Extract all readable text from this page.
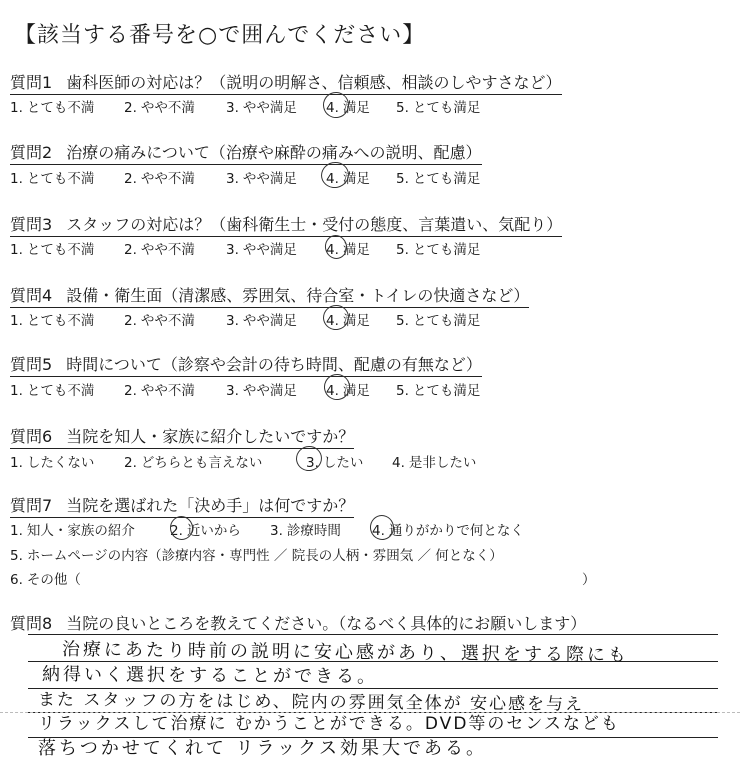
【該当する番号を○で囲んでください】
質問1 歯科医師の対応は？（説明の明解さ、信頼感、相談のしやすさなど）
1. とても不満 2. やや不満 3. やや満足 4. 満足 5. とても満足
質問2 治療の痛みについて（治療や麻酔の痛みへの説明、配慮）
1. とても不満 2. やや不満 3. やや満足 4. 満足 5. とても満足
質問3 スタッフの対応は？（歯科衛生士・受付の態度、言葉遣い、気配り）
1. とても不満 2. やや不満 3. やや満足 4. 満足 5. とても満足
質問4 設備・衛生面（清潔感、雰囲気、待合室・トイレの快適さなど）
1. とても不満 2. やや不満 3. やや満足 4. 満足 5. とても満足
質問5 時間について（診察や会計の待ち時間、配慮の有無など）
1. とても不満 2. やや不満 3. やや満足 4. 満足 5. とても満足
質問6 当院を知人・家族に紹介したいですか？
1. したくない 2. どちらとも言えない	3. したい 4. 是非したい
質問7 当院を選ばれた「決め手」は何ですか？
1. 知人・家族の紹介	2. 近いから 3. 診療時間 4. 通りがかりで何となく
5. ホームページの内容（診療内容・専門性 ／ 院長の人柄・雰囲気 ／ 何となく）
6. その他（	）
質問8 当院の良いところを教えてください。（なるべく具体的にお願いします）
治療にあたり時前の説明に安心感があり、選択をする際にも
納得いく選択をすることができる。
また スタッフの方をはじめ、院内の雰囲気全体が 安心感を与え
リラックスして治療に むかうことができる。DVD等のセンスなども
落ちつかせてくれて リラックス効果大である。
